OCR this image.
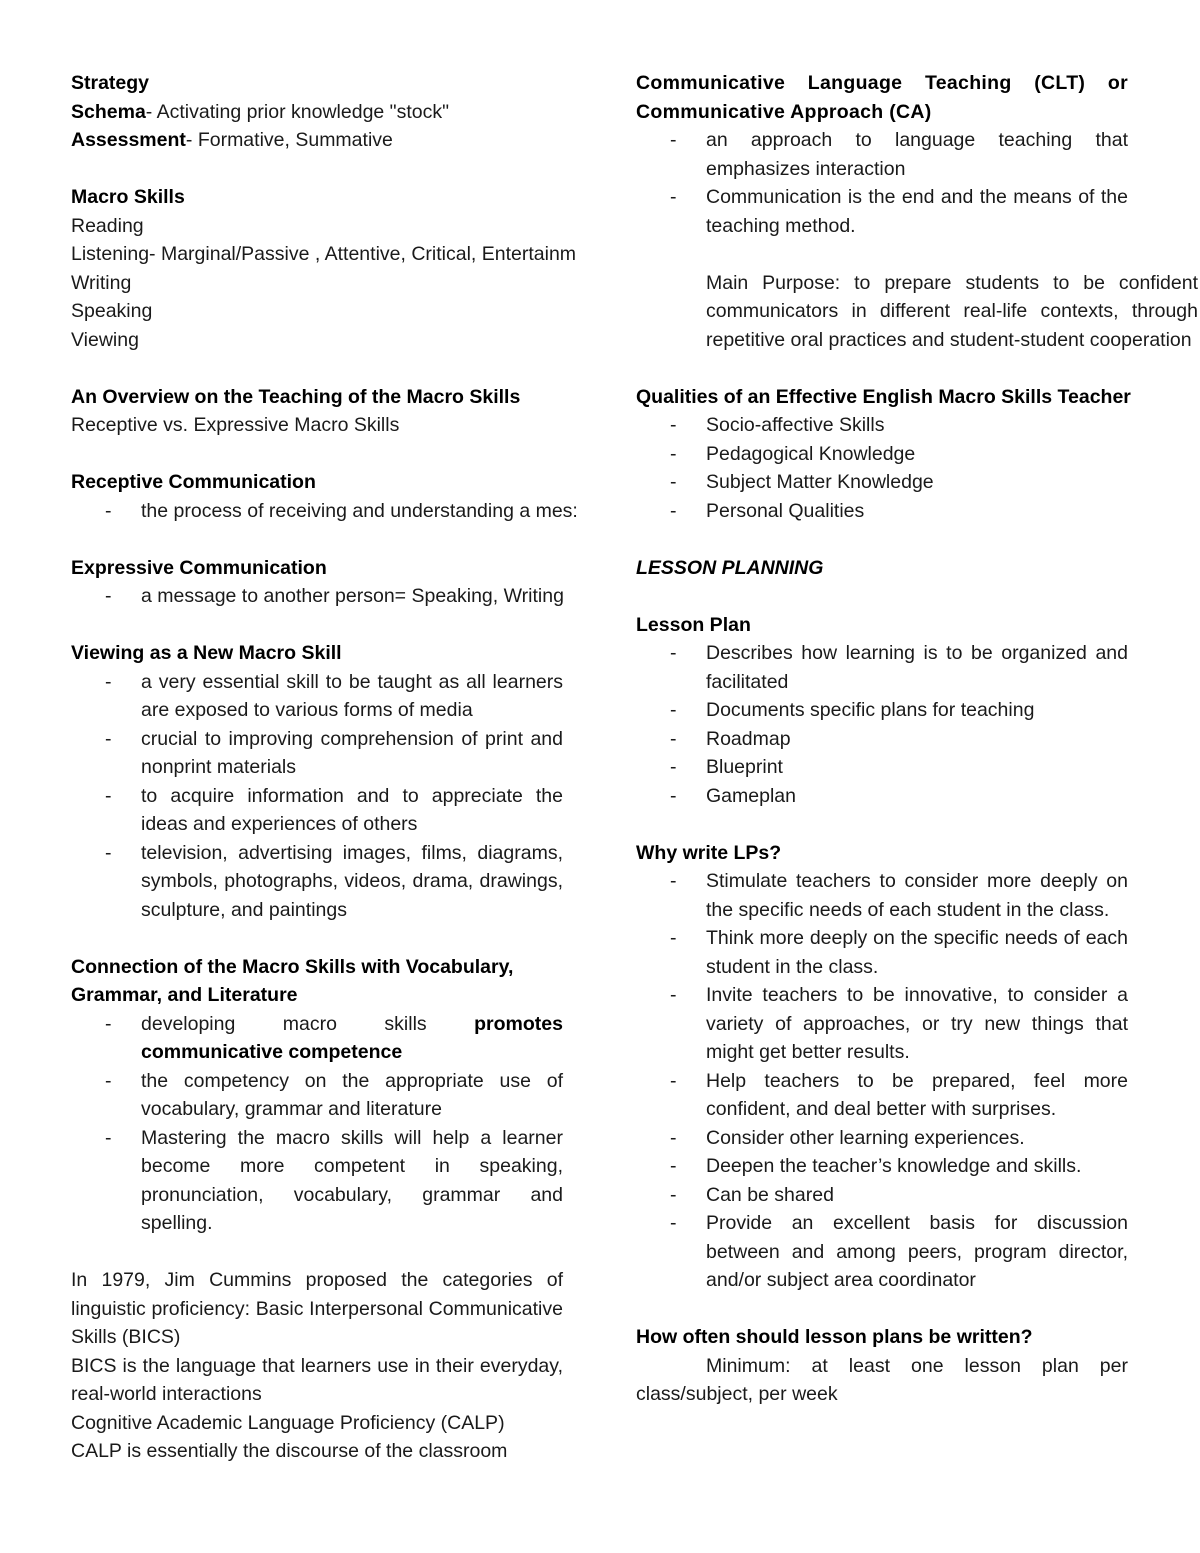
Strategy
Schema- Activating prior knowledge "stock"
Assessment- Formative, Summative
Macro Skills
Reading
Listening- Marginal/Passive , Attentive, Critical, Entertainm
Writing
Speaking
Viewing
An Overview on the Teaching of the Macro Skills
Receptive vs. Expressive Macro Skills
Receptive Communication
- the process of receiving and understanding a mes:
Expressive Communication
- a message to another person= Speaking, Writing
Viewing as a New Macro Skill
- a very essential skill to be taught as all learners are exposed to various forms of media
- crucial to improving comprehension of print and nonprint materials
- to acquire information and to appreciate the ideas and experiences of others
- television, advertising images, films, diagrams, symbols, photographs, videos, drama, drawings, sculpture, and paintings
Connection of the Macro Skills with Vocabulary, Grammar, and Literature
- developing macro skills promotes communicative competence
- the competency on the appropriate use of vocabulary, grammar and literature
- Mastering the macro skills will help a learner become more competent in speaking, pronunciation, vocabulary, grammar and spelling.
In 1979, Jim Cummins proposed the categories of linguistic proficiency: Basic Interpersonal Communicative Skills (BICS)
BICS is the language that learners use in their everyday, real-world interactions
Cognitive Academic Language Proficiency (CALP)
CALP is essentially the discourse of the classroom
Communicative Language Teaching (CLT) or Communicative Approach (CA)
- an approach to language teaching that emphasizes interaction
- Communication is the end and the means of the teaching method.
Main Purpose: to prepare students to be confident communicators in different real-life contexts, through repetitive oral practices and student-student cooperation
Qualities of an Effective English Macro Skills Teacher
- Socio-affective Skills
- Pedagogical Knowledge
- Subject Matter Knowledge
- Personal Qualities
LESSON PLANNING
Lesson Plan
- Describes how learning is to be organized and facilitated
- Documents specific plans for teaching
- Roadmap
- Blueprint
- Gameplan
Why write LPs?
- Stimulate teachers to consider more deeply on the specific needs of each student in the class.
- Think more deeply on the specific needs of each student in the class.
- Invite teachers to be innovative, to consider a variety of approaches, or try new things that might get better results.
- Help teachers to be prepared, feel more confident, and deal better with surprises.
- Consider other learning experiences.
- Deepen the teacher’s knowledge and skills.
- Can be shared
- Provide an excellent basis for discussion between and among peers, program director, and/or subject area coordinator
How often should lesson plans be written?
Minimum: at least one lesson plan per class/subject, per week
